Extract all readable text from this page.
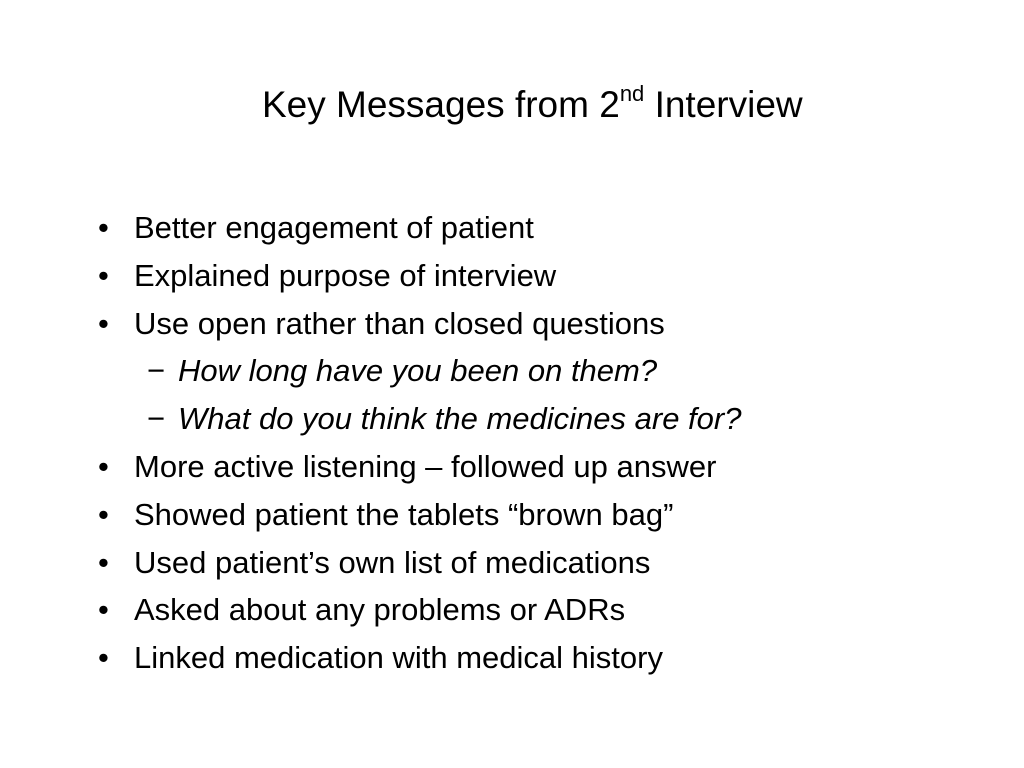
Key Messages from 2nd Interview
• Better engagement of patient
• Explained purpose of interview
• Use open rather than closed questions
− How long have you been on them?
− What do you think the medicines are for?
• More active listening – followed up answer
• Showed patient the tablets “brown bag”
• Used patient’s own list of medications
• Asked about any problems or ADRs
• Linked medication with medical history
